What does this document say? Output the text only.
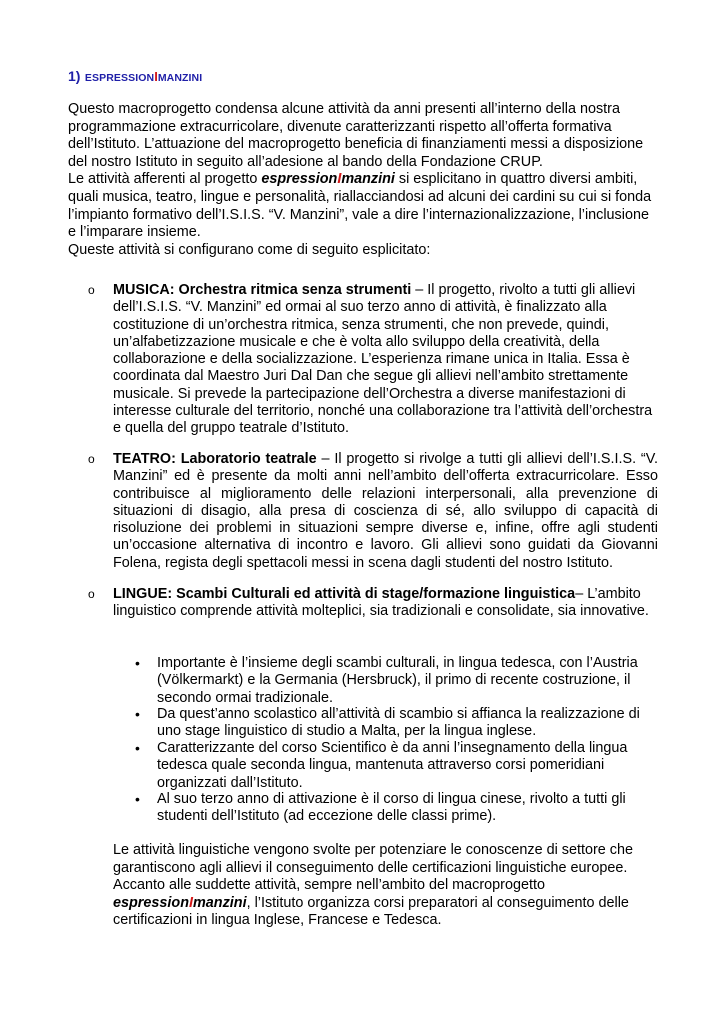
1) ESPRESSIONIMANZINI

Questo macroprogetto condensa alcune attività da anni presenti all’interno della nostra programmazione extracurricolare, divenute caratterizzanti rispetto all’offerta formativa dell’Istituto. L’attuazione del macroprogetto beneficia di finanziamenti messi a disposizione del nostro Istituto in seguito all’adesione al bando della Fondazione CRUP.

Le attività afferenti al progetto espressionImanzini si esplicitano in quattro diversi ambiti, quali musica, teatro, lingue e personalità, riallacciandosi ad alcuni dei cardini su cui si fonda l’impianto formativo dell’I.S.I.S. “V. Manzini”, vale a dire l’internazionalizzazione, l’inclusione e l’imparare insieme.

Queste attività si configurano come di seguito esplicitato:

o MUSICA: Orchestra ritmica senza strumenti – Il progetto, rivolto a tutti gli allievi dell’I.S.I.S. “V. Manzini” ed ormai al suo terzo anno di attività, è finalizzato alla costituzione di un’orchestra ritmica, senza strumenti, che non prevede, quindi, un’alfabetizzazione musicale e che è volta allo sviluppo della creatività, della collaborazione e della socializzazione. L’esperienza rimane unica in Italia. Essa è coordinata dal Maestro Juri Dal Dan che segue gli allievi nell’ambito strettamente musicale. Si prevede la partecipazione dell’Orchestra a diverse manifestazioni di interesse culturale del territorio, nonché una collaborazione tra l’attività dell’orchestra e quella del gruppo teatrale d’Istituto.
o TEATRO: Laboratorio teatrale – Il progetto si rivolge a tutti gli allievi dell’I.S.I.S. “V. Manzini” ed è presente da molti anni nell’ambito dell’offerta extracurricolare. Esso contribuisce al miglioramento delle relazioni interpersonali, alla prevenzione di situazioni di disagio, alla presa di coscienza di sé, allo sviluppo di capacità di risoluzione dei problemi in situazioni sempre diverse e, infine, offre agli studenti un’occasione alternativa di incontro e lavoro. Gli allievi sono guidati da Giovanni Folena, regista degli spettacoli messi in scena dagli studenti del nostro Istituto.
o LINGUE: Scambi Culturali ed attività di stage/formazione linguistica– L’ambito linguistico comprende attività molteplici, sia tradizionali e consolidate, sia innovative.
• Importante è l’insieme degli scambi culturali, in lingua tedesca, con l’Austria (Völkermarkt) e la Germania (Hersbruck), il primo di recente costruzione, il secondo ormai tradizionale.
• Da quest’anno scolastico all’attività di scambio si affianca la realizzazione di uno stage linguistico di studio a Malta, per la lingua inglese.
• Caratterizzante del corso Scientifico è da anni l’insegnamento della lingua tedesca quale seconda lingua, mantenuta attraverso corsi pomeridiani organizzati dall’Istituto.
• Al suo terzo anno di attivazione è il corso di lingua cinese, rivolto a tutti gli studenti dell’Istituto (ad eccezione delle classi prime).

Le attività linguistiche vengono svolte per potenziare le conoscenze di settore che garantiscono agli allievi il conseguimento delle certificazioni linguistiche europee.

Accanto alle suddette attività, sempre nell’ambito del macroprogetto espressionImanzini, l’Istituto organizza corsi preparatori al conseguimento delle certificazioni in lingua Inglese, Francese e Tedesca.
